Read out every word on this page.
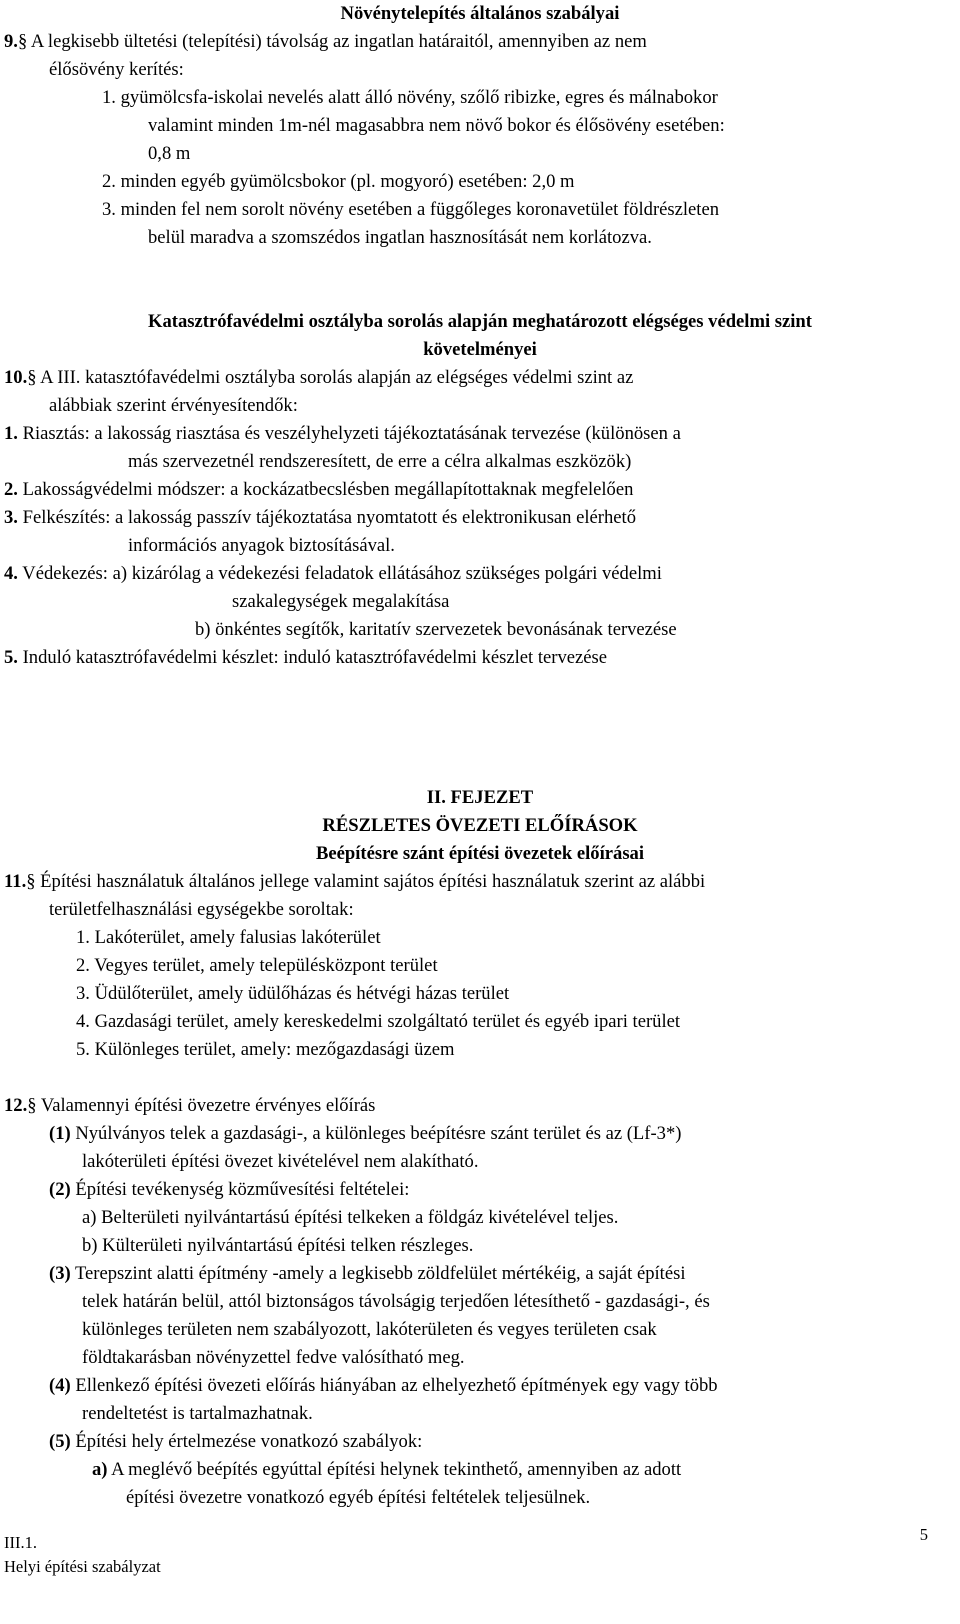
Növénytelepítés általános szabályai
9.§ A legkisebb ültetési (telepítési) távolság az ingatlan határaitól, amennyiben az nem
élősövény kerítés:
1. gyümölcsfa-iskolai nevelés alatt álló növény, szőlő ribizke, egres és málnabokor
valamint minden 1m-nél magasabbra nem növő bokor és élősövény esetében:
0,8 m
2. minden egyéb gyümölcsbokor (pl. mogyoró) esetében: 2,0 m
3. minden fel nem sorolt növény esetében a függőleges koronavetület földrészleten
belül maradva a szomszédos ingatlan hasznosítását nem korlátozva.
Katasztrófavédelmi osztályba sorolás alapján meghatározott elégséges védelmi szint
követelményei
10.§ A III. katasztófavédelmi osztályba sorolás alapján az elégséges védelmi szint az
alábbiak szerint érvényesítendők:
1. Riasztás: a lakosság riasztása és veszélyhelyzeti tájékoztatásának tervezése (különösen a
más szervezetnél rendszeresített, de erre a célra alkalmas eszközök)
2. Lakosságvédelmi módszer: a kockázatbecslésben megállapítottaknak megfelelően
3. Felkészítés: a lakosság passzív tájékoztatása nyomtatott és elektronikusan elérhető
információs anyagok biztosításával.
4. Védekezés: a) kizárólag a védekezési feladatok ellátásához szükséges polgári védelmi
szakalegységek megalakítása
b) önkéntes segítők, karitatív szervezetek bevonásának tervezése
5. Induló katasztrófavédelmi készlet: induló katasztrófavédelmi készlet tervezése
II. FEJEZET
RÉSZLETES ÖVEZETI ELŐÍRÁSOK
Beépítésre szánt építési övezetek előírásai
11.§ Építési használatuk általános jellege valamint sajátos építési használatuk szerint az alábbi
területfelhasználási egységekbe soroltak:
1. Lakóterület, amely falusias lakóterület
2. Vegyes terület, amely településközpont terület
3. Üdülőterület, amely üdülőházas és hétvégi házas terület
4. Gazdasági terület, amely kereskedelmi szolgáltató terület és egyéb ipari terület
5. Különleges terület, amely: mezőgazdasági üzem
12.§ Valamennyi építési övezetre érvényes előírás
(1) Nyúlványos telek a gazdasági-, a különleges beépítésre szánt terület és az (Lf-3*)
lakóterületi építési övezet kivételével nem alakítható.
(2) Építési tevékenység közművesítési feltételei:
a) Belterületi nyilvántartású építési telkeken a földgáz kivételével teljes.
b) Külterületi nyilvántartású építési telken részleges.
(3) Terepszint alatti építmény -amely a legkisebb zöldfelület mértékéig, a saját építési
telek határán belül, attól biztonságos távolságig terjedően létesíthető - gazdasági-, és
különleges területen nem szabályozott, lakóterületen és vegyes területen csak
földtakarásban növényzettel fedve valósítható meg.
(4) Ellenkező építési övezeti előírás hiányában az elhelyezhető építmények egy vagy több
rendeltetést is tartalmazhatnak.
(5) Építési hely értelmezése vonatkozó szabályok:
a) A meglévő beépítés egyúttal építési helynek tekinthető, amennyiben az adott
építési övezetre vonatkozó egyéb építési feltételek teljesülnek.
III.1.	5
Helyi építési szabályzat
